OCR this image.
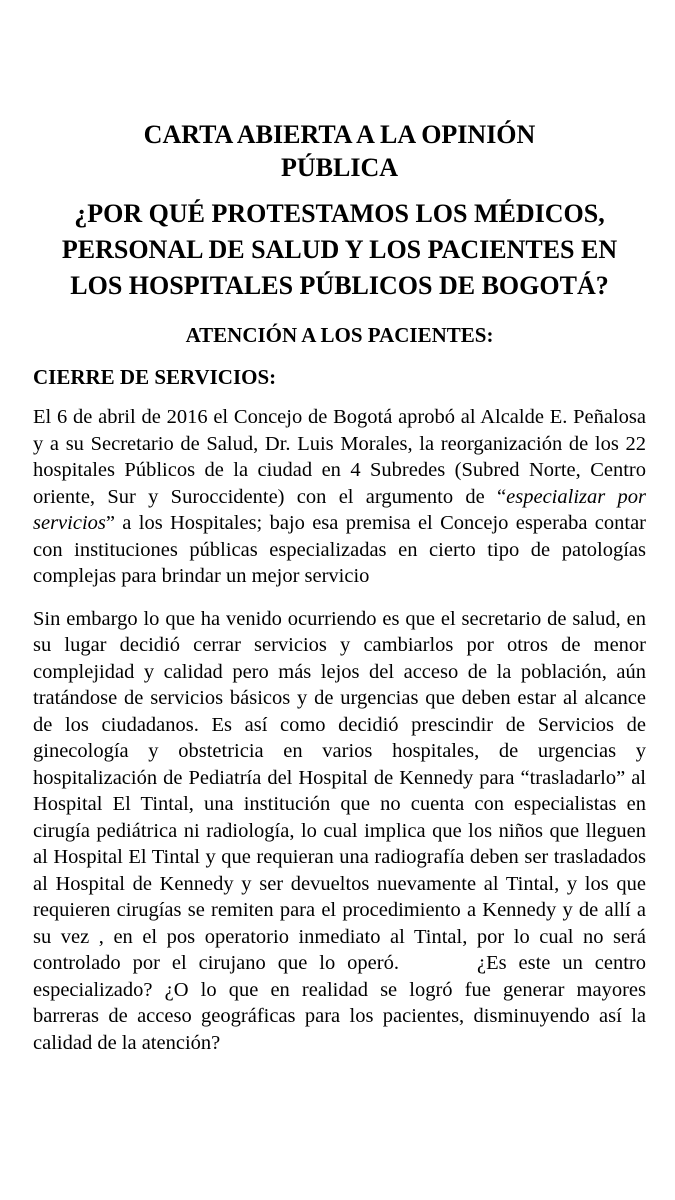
CARTA ABIERTA A LA OPINIÓN
PÚBLICA
¿POR QUÉ PROTESTAMOS LOS MÉDICOS,
PERSONAL DE SALUD Y LOS PACIENTES EN
LOS HOSPITALES PÚBLICOS DE BOGOTÁ?
ATENCIÓN A LOS PACIENTES:
CIERRE DE SERVICIOS:

El 6 de abril de 2016 el Concejo de Bogotá aprobó al Alcalde E. Peñalosa y a su Secretario de Salud, Dr. Luis Morales, la reorganización de los 22 hospitales Públicos de la ciudad en 4 Subredes (Subred Norte, Centro oriente, Sur y Suroccidente) con el argumento de “especializar por servicios” a los Hospitales; bajo esa premisa el Concejo esperaba contar con instituciones públicas especializadas en cierto tipo de patologías complejas para brindar un mejor servicio

Sin embargo lo que ha venido ocurriendo es que el secretario de salud, en su lugar decidió cerrar servicios y cambiarlos por otros de menor complejidad y calidad pero más lejos del acceso de la población, aún tratándose de servicios básicos y de urgencias que deben estar al alcance de los ciudadanos. Es así como decidió prescindir de Servicios de ginecología y obstetricia en varios hospitales, de urgencias y hospitalización de Pediatría del Hospital de Kennedy para “trasladarlo” al Hospital El Tintal, una institución que no cuenta con especialistas en cirugía pediátrica ni radiología, lo cual implica que los niños que lleguen al Hospital El Tintal y que requieran una radiografía deben ser trasladados al Hospital de Kennedy y ser devueltos nuevamente al Tintal, y los que requieren cirugías se remiten para el procedimiento a Kennedy y de allí a su vez , en el pos operatorio inmediato al Tintal, por lo cual no será controlado por el cirujano que lo operó.	¿Es este un centro especializado? ¿O lo que en realidad se logró fue generar mayores barreras de acceso geográficas para los pacientes, disminuyendo así la calidad de la atención?
